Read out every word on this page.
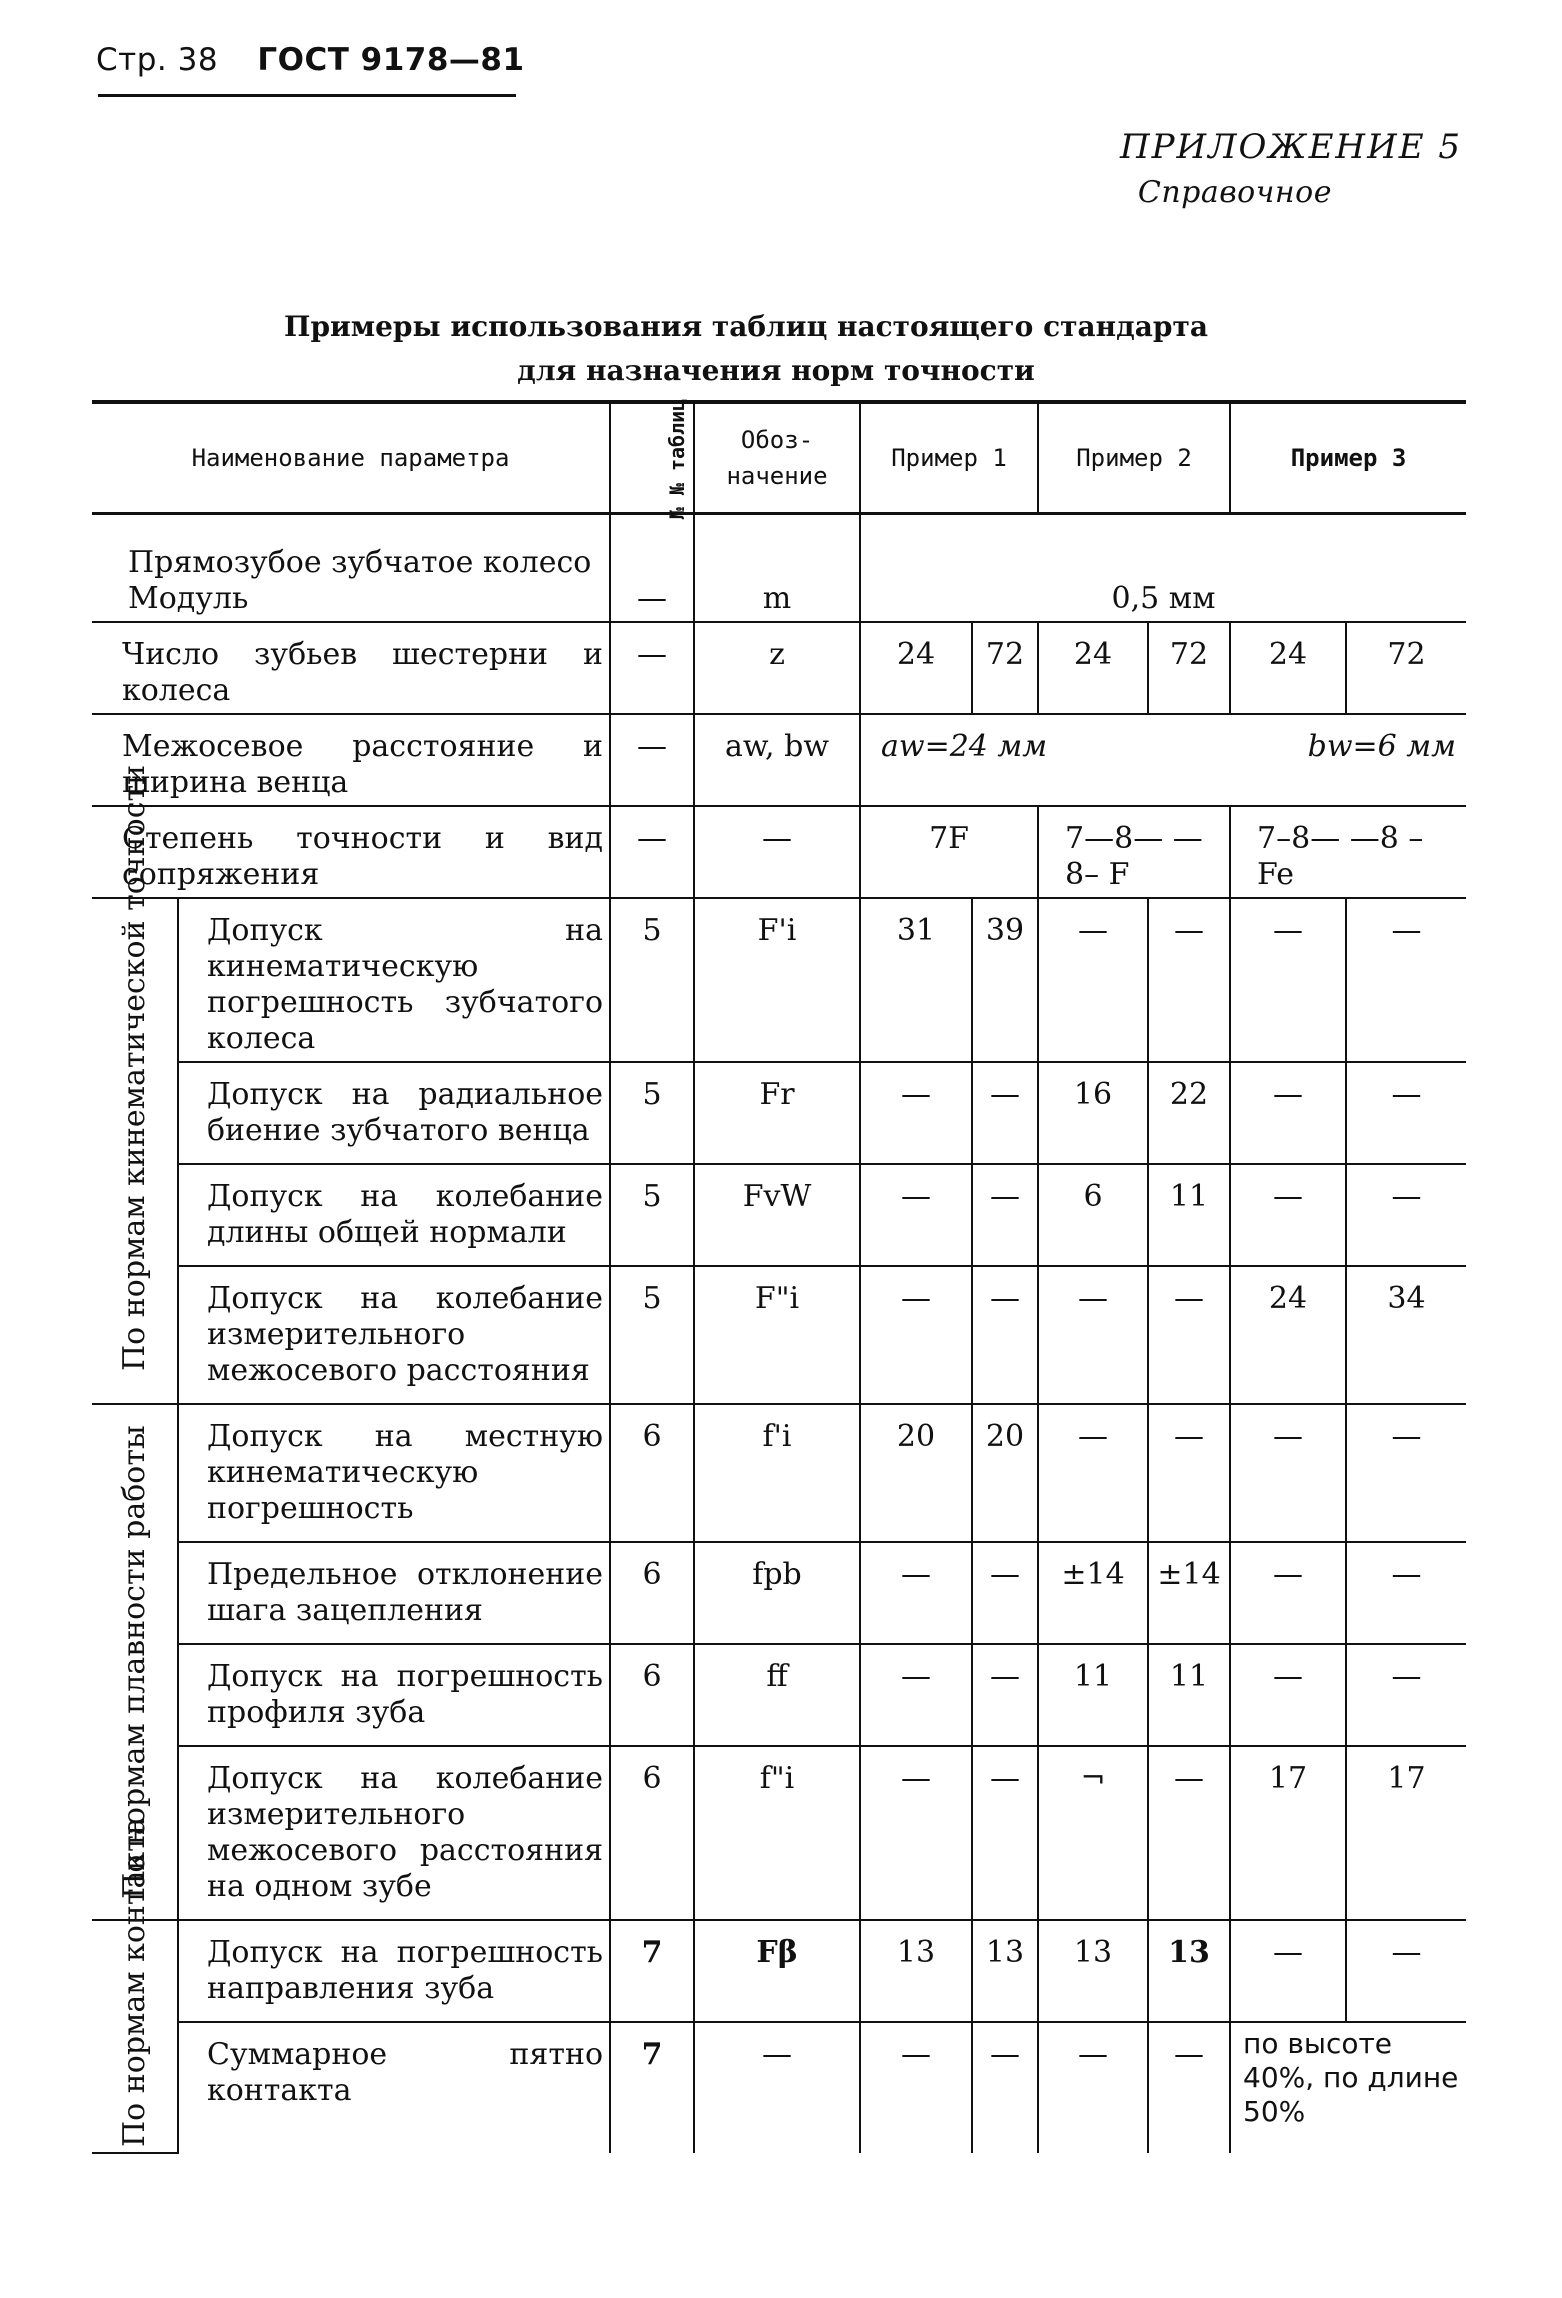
Стр. 38 ГОСТ 9178—81
ПРИЛОЖЕНИЕ 5
Справочное
Примеры использования таблиц настоящего стандарта
для назначения норм точности
Наименование параметра		№ № таблиц	Обоз- начение	Пример 1		Пример 2		Пример 3	

Прямозубое зубчатое колесо
Модуль		—	m	0,5 мм					
Число зубьев шестерни и колеса		—	z	24	72	24	72	24	72
Межосевое расстояние и ширина венца		—	aw, bw	aw=24 мм			bw=6 мм		
Степень точности и вид сопряжения		—	—	7F		7—8— —8– F		7–8— —8 – Fe	

По нормам кинематической точности	Допуск на кинематическую погрешность зубчатого колеса	5	F'i	31	39	—	—	—	—
	Допуск на радиальное биение зубчатого венца	5	Fr	—	—	16	22	—	—
	Допуск на колебание длины общей нормали	5	FvW	—	—	6	11	—	—
	Допуск на колебание измерительного межосевого расстояния	5	F"i	—	—	—	—	24	34

По нормам плавности работы	Допуск на местную кинематическую погрешность	6	f'i	20	20	—	—	—	—
	Предельное отклонение шага зацепления	6	fpb	—	—	±14	±14	—	—
	Допуск на погрешность профиля зуба	6	ff	—	—	11	11	—	—
	Допуск на колебание измерительного межосевого расстояния на одном зубе	6	f"i	—	—	¬	—	17	17

По нормам контакта	Допуск на погрешность направления зуба	7	Fβ	13	13	13	13	—	—
	Суммарное пятно контакта	7	—	—	—	—	—	по высоте 40%, по длине 50%	
